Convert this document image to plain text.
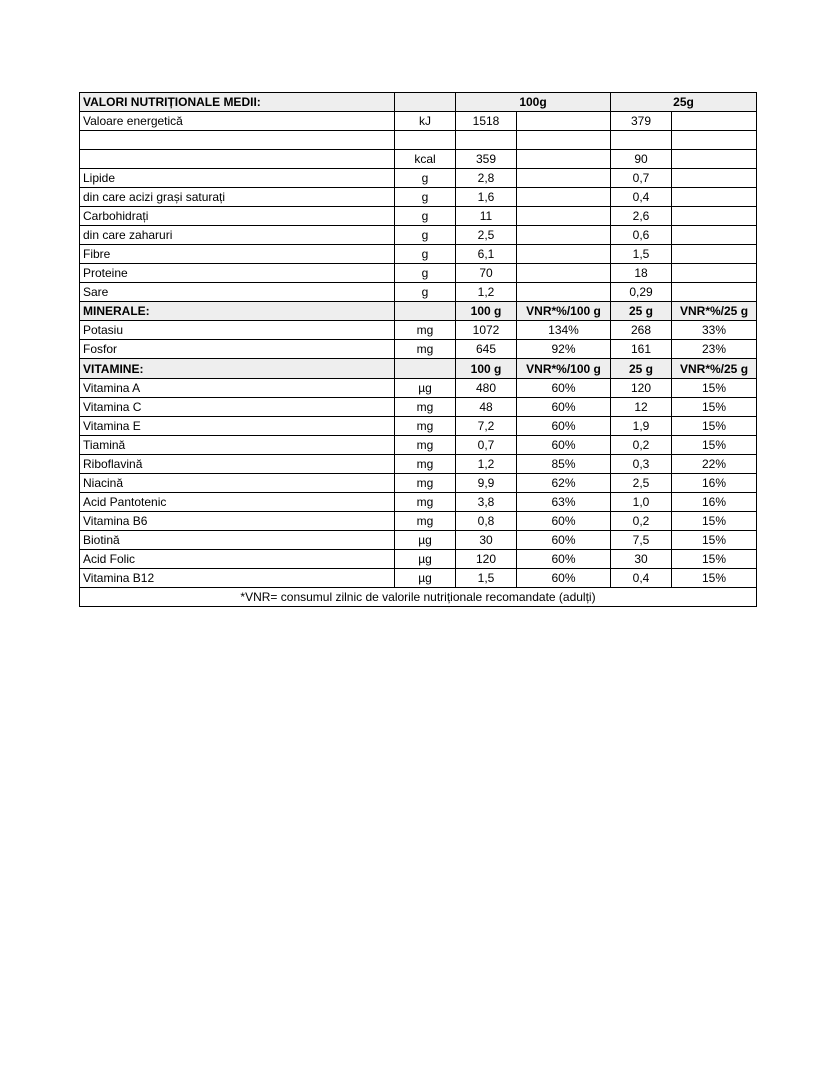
VALORI NUTRIȚIONALE MEDII:		100g		25g	
Valoare energetică	kJ	1518		379	

	kcal	359		90	
Lipide	g	2,8		0,7	
din care acizi grași saturați	g	1,6		0,4	
Carbohidrați	g	11		2,6	
din care zaharuri	g	2,5		0,6	
Fibre	g	6,1		1,5	
Proteine	g	70		18	
Sare	g	1,2		0,29	
MINERALE:		100 g	VNR*%/100 g	25 g	VNR*%/25 g
Potasiu	mg	1072	134%	268	33%
Fosfor	mg	645	92%	161	23%
VITAMINE:		100 g	VNR*%/100 g	25 g	VNR*%/25 g
Vitamina A	µg	480	60%	120	15%
Vitamina C	mg	48	60%	12	15%
Vitamina E	mg	7,2	60%	1,9	15%
Tiamină	mg	0,7	60%	0,2	15%
Riboflavină	mg	1,2	85%	0,3	22%
Niacină	mg	9,9	62%	2,5	16%
Acid Pantotenic	mg	3,8	63%	1,0	16%
Vitamina B6	mg	0,8	60%	0,2	15%
Biotină	µg	30	60%	7,5	15%
Acid Folic	µg	120	60%	30	15%
Vitamina B12	µg	1,5	60%	0,4	15%
*VNR= consumul zilnic de valorile nutriționale recomandate (adulți)					
